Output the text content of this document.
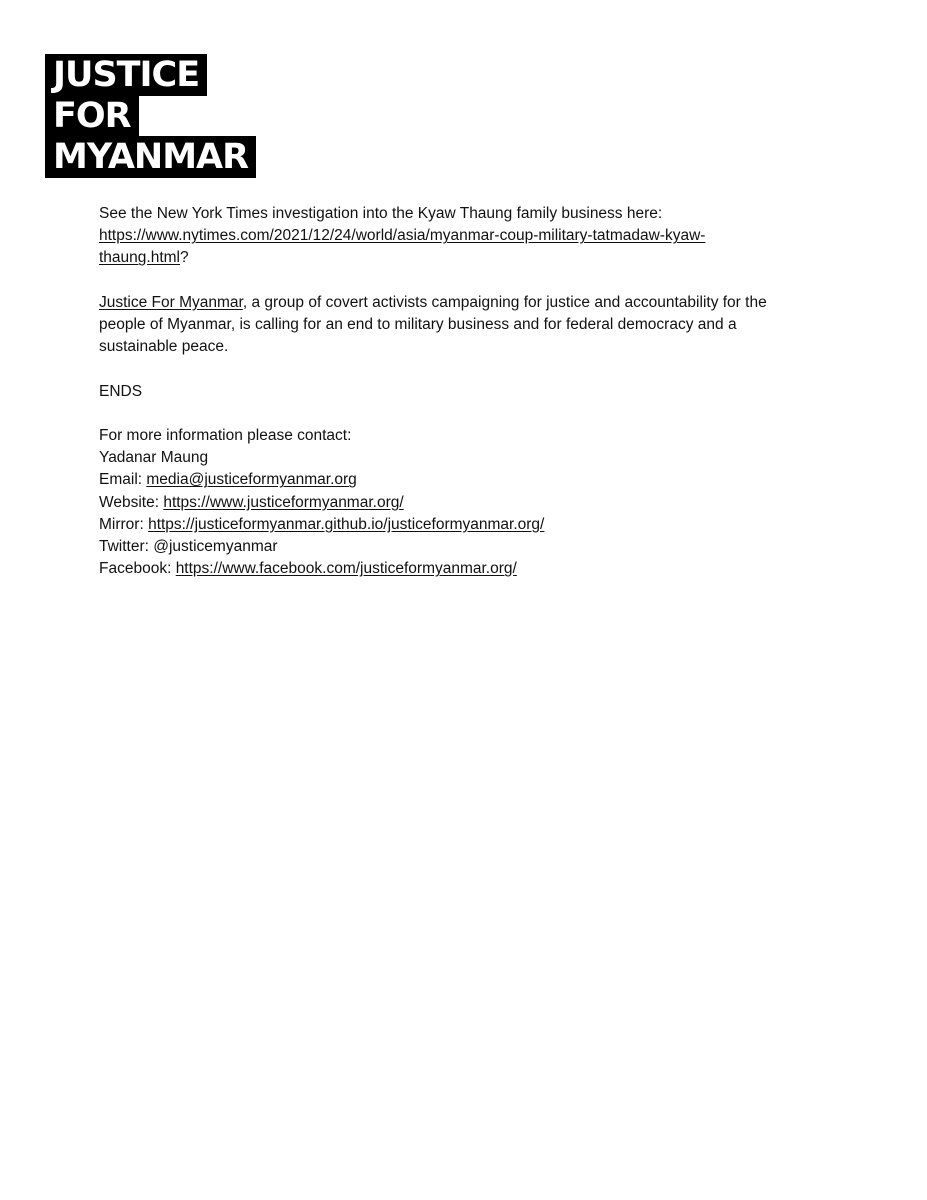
JUSTICE
FOR
MYANMAR

See the New York Times investigation into the Kyaw Thaung family business here:
https://www.nytimes.com/2021/12/24/world/asia/myanmar-coup-military-tatmadaw-kyaw-
thaung.html?

Justice For Myanmar, a group of covert activists campaigning for justice and accountability for the
people of Myanmar, is calling for an end to military business and for federal democracy and a
sustainable peace.

ENDS

For more information please contact:
Yadanar Maung
Email: media@justiceformyanmar.org
Website: https://www.justiceformyanmar.org/
Mirror: https://justiceformyanmar.github.io/justiceformyanmar.org/
Twitter: @justicemyanmar
Facebook: https://www.facebook.com/justiceformyanmar.org/
